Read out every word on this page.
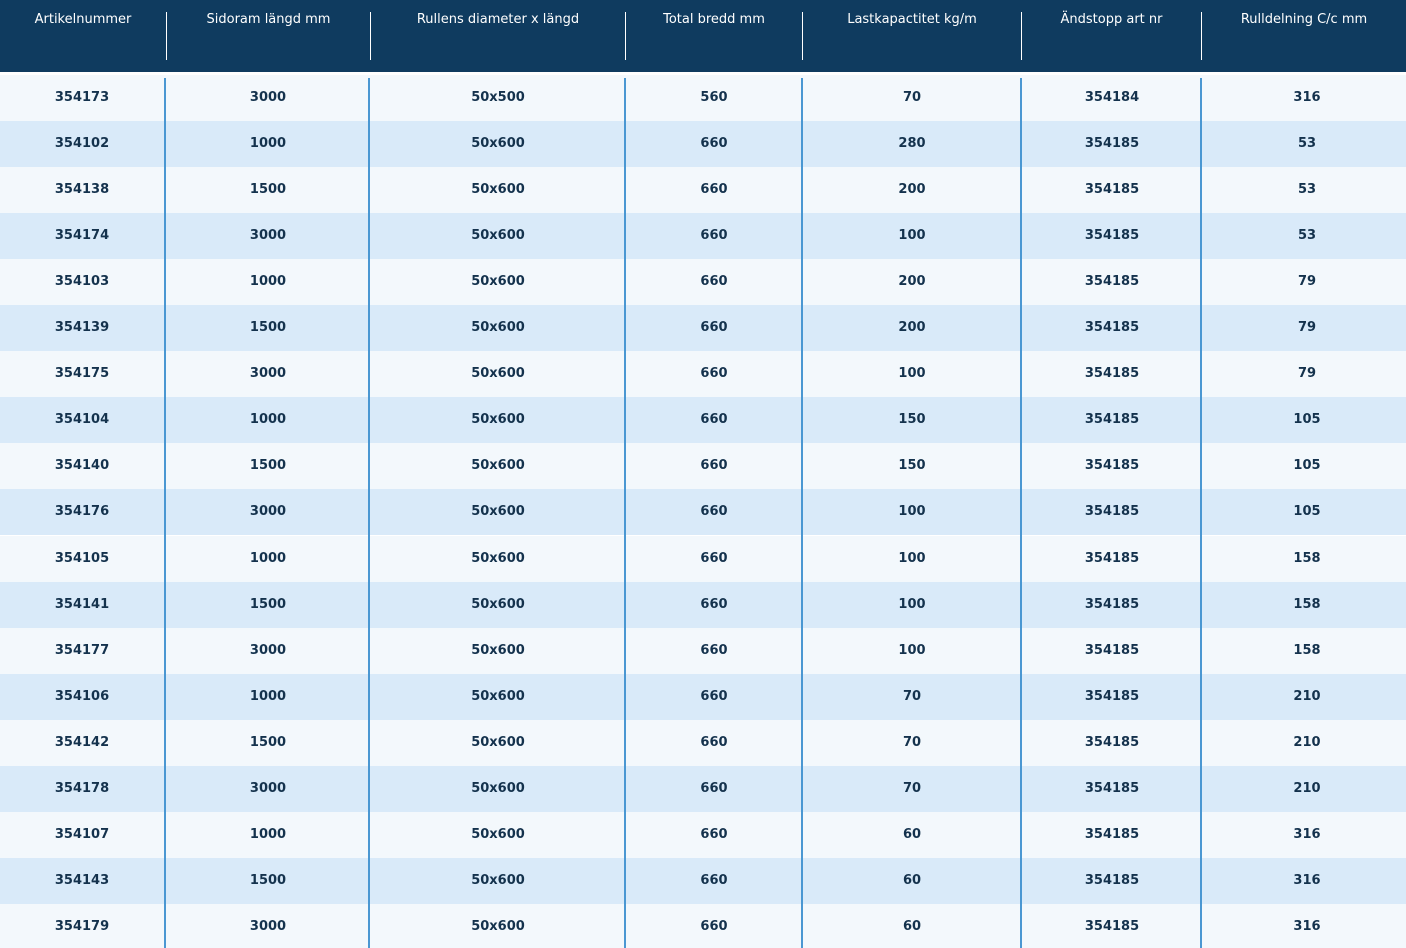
Artikelnummer	Sidoram längd mm	Rullens diameter x längd	Total bredd mm	Lastkapactitet kg/m	Ändstopp art nr	Rulldelning C/c mm
354173	3000	50x500	560	70	354184	316
354102	1000	50x600	660	280	354185	53
354138	1500	50x600	660	200	354185	53
354174	3000	50x600	660	100	354185	53
354103	1000	50x600	660	200	354185	79
354139	1500	50x600	660	200	354185	79
354175	3000	50x600	660	100	354185	79
354104	1000	50x600	660	150	354185	105
354140	1500	50x600	660	150	354185	105
354176	3000	50x600	660	100	354185	105
354105	1000	50x600	660	100	354185	158
354141	1500	50x600	660	100	354185	158
354177	3000	50x600	660	100	354185	158
354106	1000	50x600	660	70	354185	210
354142	1500	50x600	660	70	354185	210
354178	3000	50x600	660	70	354185	210
354107	1000	50x600	660	60	354185	316
354143	1500	50x600	660	60	354185	316
354179	3000	50x600	660	60	354185	316
